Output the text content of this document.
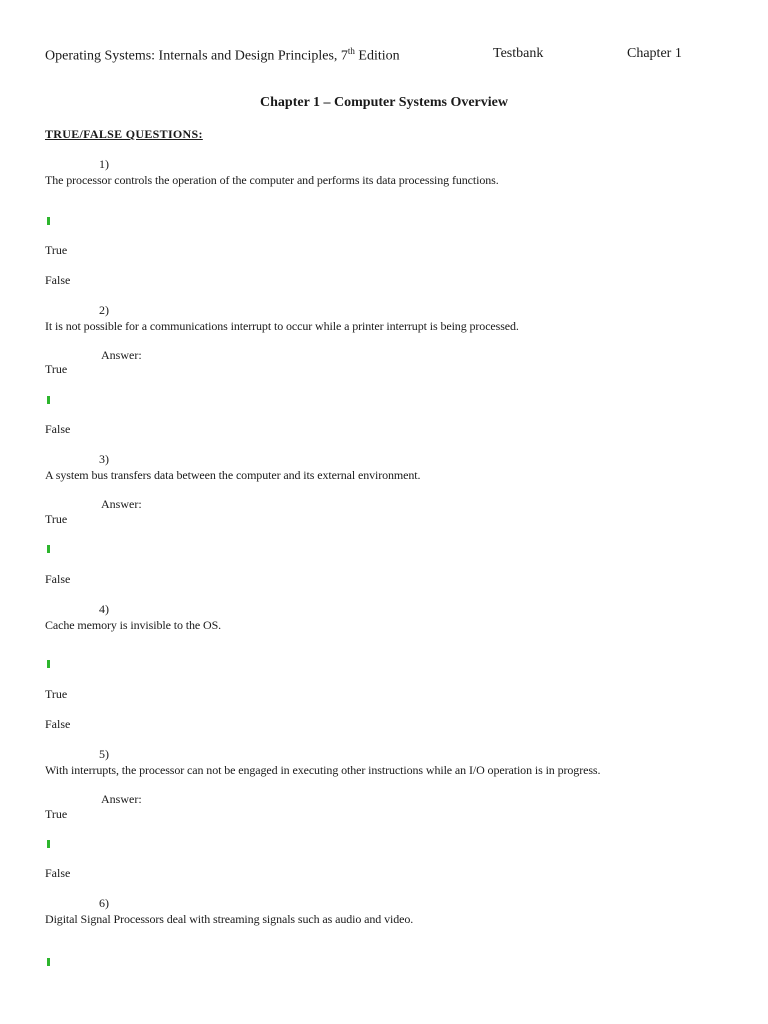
Operating Systems: Internals and Design Principles, 7th Edition	Testbank	Chapter 1
Chapter 1 – Computer Systems Overview
TRUE/FALSE QUESTIONS:
1)
The processor controls the operation of the computer and performs its data processing functions.
True
False
2)
It is not possible for a communications interrupt to occur while a printer interrupt is being processed.
Answer:
True
False
3)
A system bus transfers data between the computer and its external environment.
Answer:
True
False
4)
Cache memory is invisible to the OS.
True
False
5)
With interrupts, the processor can not be engaged in executing other instructions while an I/O operation is in progress.
Answer:
True
False
6)
Digital Signal Processors deal with streaming signals such as audio and video.
